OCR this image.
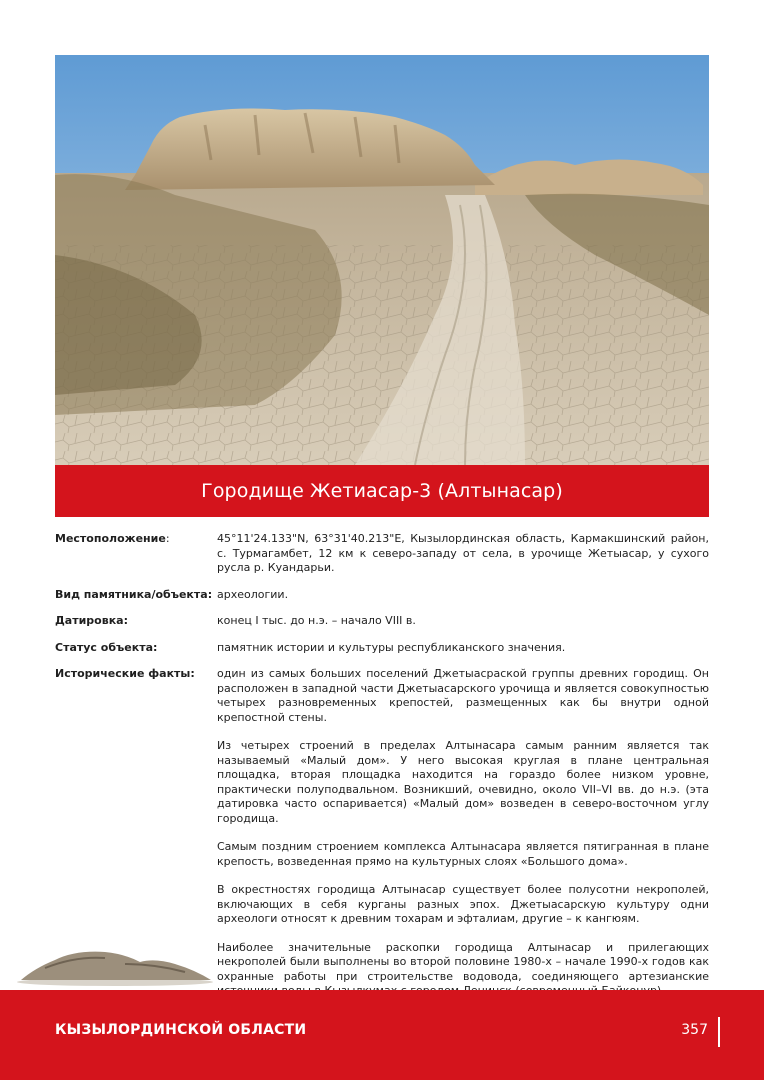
Городище Жетиасар-3 (Алтынасар)
Местоположение:	45°11'24.133"N, 63°31'40.213"E, Кызылординская область, Кармакшинский район, с. Турмагамбет, 12 км к северо-западу от села, в урочище Жетыасар, у сухого русла р. Куандарьи.

Вид памятника/объекта: археологии.

Датировка:	конец I тыс. до н.э. – начало VIII в.

Статус объекта:	памятник истории и культуры республиканского значения.

Исторические факты:	один из самых больших поселений Джетыасраской группы древних городищ. Он расположен в западной части Джетыасарского урочища и является совокупностью четырех разновременных крепостей, размещенных как бы внутри одной крепостной стены.

Из четырех строений в пределах Алтынасара самым ранним является так называемый «Малый дом». У него высокая круглая в плане центральная площадка, вторая площадка находится на гораздо более низком уровне, практически полуподвальном. Возникший, очевидно, около VII–VI вв. до н.э. (эта датировка часто оспаривается) «Малый дом» возведен в северо-восточном углу городища.

Самым поздним строением комплекса Алтынасара является пятигранная в плане крепость, возведенная прямо на культурных слоях «Большого дома».

В окрестностях городища Алтынасар существует более полусотни некрополей, включающих в себя курганы разных эпох. Джетыасарскую культуру одни археологи относят к древним тохарам и эфталиам, другие – к кангюям.

Наиболее значительные раскопки городища Алтынасар и прилегающих некрополей были выполнены во второй половине 1980-х – начале 1990-х годов как охранные работы при строительстве водовода, соединяющего артезианские

КЫЗЫЛОРДИНСКОЙ ОБЛАСТИ	357
